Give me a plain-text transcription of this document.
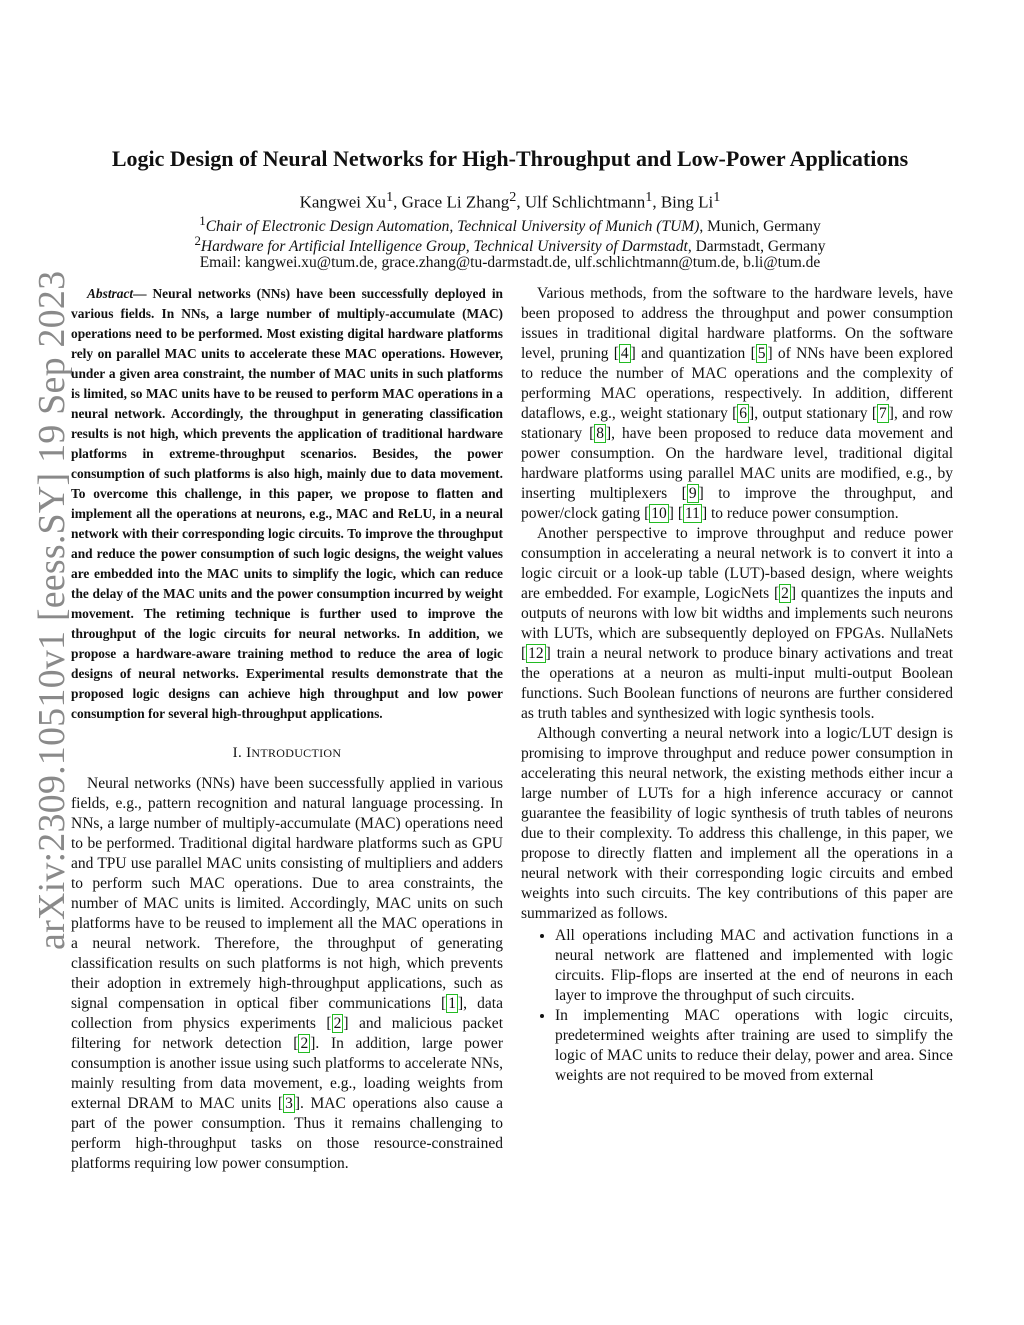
arXiv:2309.10510v1 [eess.SY] 19 Sep 2023
Logic Design of Neural Networks for High-Throughput and Low-Power Applications
Kangwei Xu$^1$, Grace Li Zhang$^2$, Ulf Schlichtmann$^1$, Bing Li$^1$
$^1$Chair of Electronic Design Automation, Technical University of Munich (TUM), Munich, Germany
$^2$Hardware for Artificial Intelligence Group, Technical University of Darmstadt, Darmstadt, Germany
Email: kangwei.xu@tum.de, grace.zhang@tu-darmstadt.de, ulf.schlichtmann@tum.de, b.li@tum.de

Abstract— Neural networks (NNs) have been successfully deployed in various fields. In NNs, a large number of multiply-accumulate (MAC) operations need to be performed. Most existing digital hardware platforms rely on parallel MAC units to accelerate these MAC operations. However, under a given area constraint, the number of MAC units in such platforms is limited, so MAC units have to be reused to perform MAC operations in a neural network. Accordingly, the throughput in generating classification results is not high, which prevents the application of traditional hardware platforms in extreme-throughput scenarios. Besides, the power consumption of such platforms is also high, mainly due to data movement. To overcome this challenge, in this paper, we propose to flatten and implement all the operations at neurons, e.g., MAC and ReLU, in a neural network with their corresponding logic circuits. To improve the throughput and reduce the power consumption of such logic designs, the weight values are embedded into the MAC units to simplify the logic, which can reduce the delay of the MAC units and the power consumption incurred by weight movement. The retiming technique is further used to improve the throughput of the logic circuits for neural networks. In addition, we propose a hardware-aware training method to reduce the area of logic designs of neural networks. Experimental results demonstrate that the proposed logic designs can achieve high throughput and low power consumption for several high-throughput applications.

I. INTRODUCTION

Neural networks (NNs) have been successfully applied in various fields, e.g., pattern recognition and natural language processing. In NNs, a large number of multiply-accumulate (MAC) operations need to be performed. Traditional digital hardware platforms such as GPU and TPU use parallel MAC units consisting of multipliers and adders to perform such MAC operations. Due to area constraints, the number of MAC units is limited. Accordingly, MAC units on such platforms have to be reused to implement all the MAC operations in a neural network. Therefore, the throughput of generating classification results on such platforms is not high, which prevents their adoption in extremely high-throughput applications, such as signal compensation in optical fiber communications [ 1 ], data collection from physics experiments [ 2 ] and malicious packet filtering for network detection [ 2 ]. In addition, large power consumption is another issue using such platforms to accelerate NNs, mainly resulting from data movement, e.g., loading weights from external DRAM to MAC units [ 3 ]. MAC operations also cause a part of the power consumption. Thus it remains challenging to perform high-throughput tasks on those resource-constrained platforms requiring low power consumption.

Various methods, from the software to the hardware levels, have been proposed to address the throughput and power consumption issues in traditional digital hardware platforms. On the software level, pruning [ 4 ] and quantization [ 5 ] of NNs have been explored to reduce the number of MAC operations and the complexity of performing MAC operations, respectively. In addition, different dataflows, e.g., weight stationary [ 6 ], output stationary [ 7 ], and row stationary [ 8 ], have been proposed to reduce data movement and power consumption. On the hardware level, traditional digital hardware platforms using parallel MAC units are modified, e.g., by inserting multiplexers [ 9 ] to improve the throughput, and power/clock gating [ 10 ] [ 11 ] to reduce power consumption.

Another perspective to improve throughput and reduce power consumption in accelerating a neural network is to convert it into a logic circuit or a look-up table (LUT)-based design, where weights are embedded. For example, LogicNets [ 2 ] quantizes the inputs and outputs of neurons with low bit widths and implements such neurons with LUTs, which are subsequently deployed on FPGAs. NullaNets [ 12 ] train a neural network to produce binary activations and treat the operations at a neuron as multi-input multi-output Boolean functions. Such Boolean functions of neurons are further considered as truth tables and synthesized with logic synthesis tools.

Although converting a neural network into a logic/LUT design is promising to improve throughput and reduce power consumption in accelerating this neural network, the existing methods either incur a large number of LUTs for a high inference accuracy or cannot guarantee the feasibility of logic synthesis of truth tables of neurons due to their complexity. To address this challenge, in this paper, we propose to directly flatten and implement all the operations in a neural network with their corresponding logic circuits and embed weights into such circuits. The key contributions of this paper are summarized as follows.

• All operations including MAC and activation functions in a neural network are flattened and implemented with logic circuits. Flip-flops are inserted at the end of neurons in each layer to improve the throughput of such circuits.
• In implementing MAC operations with logic circuits, predetermined weights after training are used to simplify the logic of MAC units to reduce their delay, power and area. Since weights are not required to be moved from external
